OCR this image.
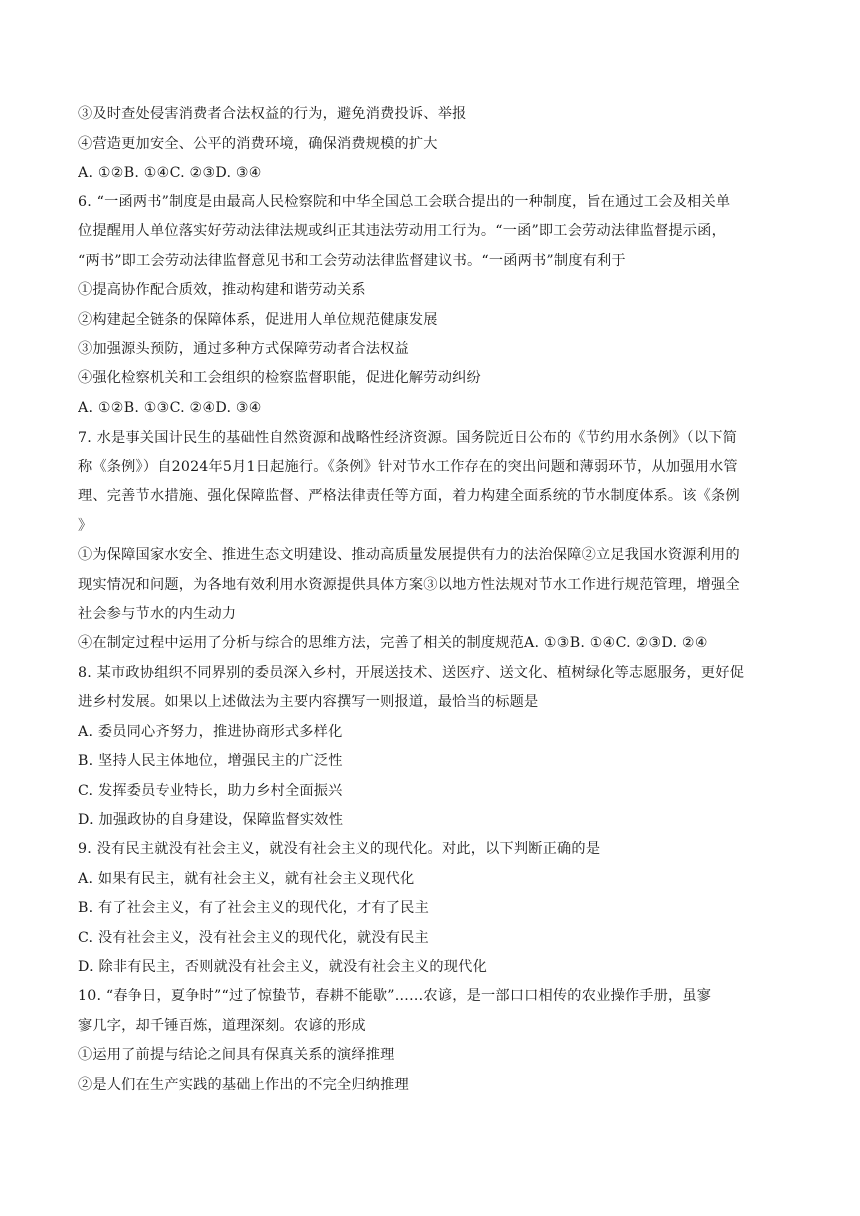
③及时查处侵害消费者合法权益的行为，避免消费投诉、举报
④营造更加安全、公平的消费环境，确保消费规模的扩大
A. ①②B. ①④C. ②③D. ③④
6. “一函两书”制度是由最高人民检察院和中华全国总工会联合提出的一种制度，旨在通过工会及相关单
位提醒用人单位落实好劳动法律法规或纠正其违法劳动用工行为。“一函”即工会劳动法律监督提示函，
“两书”即工会劳动法律监督意见书和工会劳动法律监督建议书。“一函两书”制度有利于
①提高协作配合质效，推动构建和谐劳动关系
②构建起全链条的保障体系，促进用人单位规范健康发展
③加强源头预防，通过多种方式保障劳动者合法权益
④强化检察机关和工会组织的检察监督职能，促进化解劳动纠纷
A. ①②B. ①③C. ②④D. ③④
7. 水是事关国计民生的基础性自然资源和战略性经济资源。国务院近日公布的《节约用水条例》（以下简
称《条例》）自2024年5月1日起施行。《条例》针对节水工作存在的突出问题和薄弱环节，从加强用水管
理、完善节水措施、强化保障监督、严格法律责任等方面，着力构建全面系统的节水制度体系。该《条例
》
①为保障国家水安全、推进生态文明建设、推动高质量发展提供有力的法治保障②立足我国水资源利用的
现实情况和问题，为各地有效利用水资源提供具体方案③以地方性法规对节水工作进行规范管理，增强全
社会参与节水的内生动力
④在制定过程中运用了分析与综合的思维方法，完善了相关的制度规范A. ①③B. ①④C. ②③D. ②④
8. 某市政协组织不同界别的委员深入乡村，开展送技术、送医疗、送文化、植树绿化等志愿服务，更好促
进乡村发展。如果以上述做法为主要内容撰写一则报道，最恰当的标题是
A. 委员同心齐努力，推进协商形式多样化
B. 坚持人民主体地位，增强民主的广泛性
C. 发挥委员专业特长，助力乡村全面振兴
D. 加强政协的自身建设，保障监督实效性
9. 没有民主就没有社会主义，就没有社会主义的现代化。对此，以下判断正确的是
A. 如果有民主，就有社会主义，就有社会主义现代化
B. 有了社会主义，有了社会主义的现代化，才有了民主
C. 没有社会主义，没有社会主义的现代化，就没有民主
D. 除非有民主，否则就没有社会主义，就没有社会主义的现代化
10. “春争日，夏争时”“过了惊蛰节，春耕不能歇”……农谚，是一部口口相传的农业操作手册，虽寥
寥几字，却千锤百炼，道理深刻。农谚的形成
①运用了前提与结论之间具有保真关系的演绎推理
②是人们在生产实践的基础上作出的不完全归纳推理
